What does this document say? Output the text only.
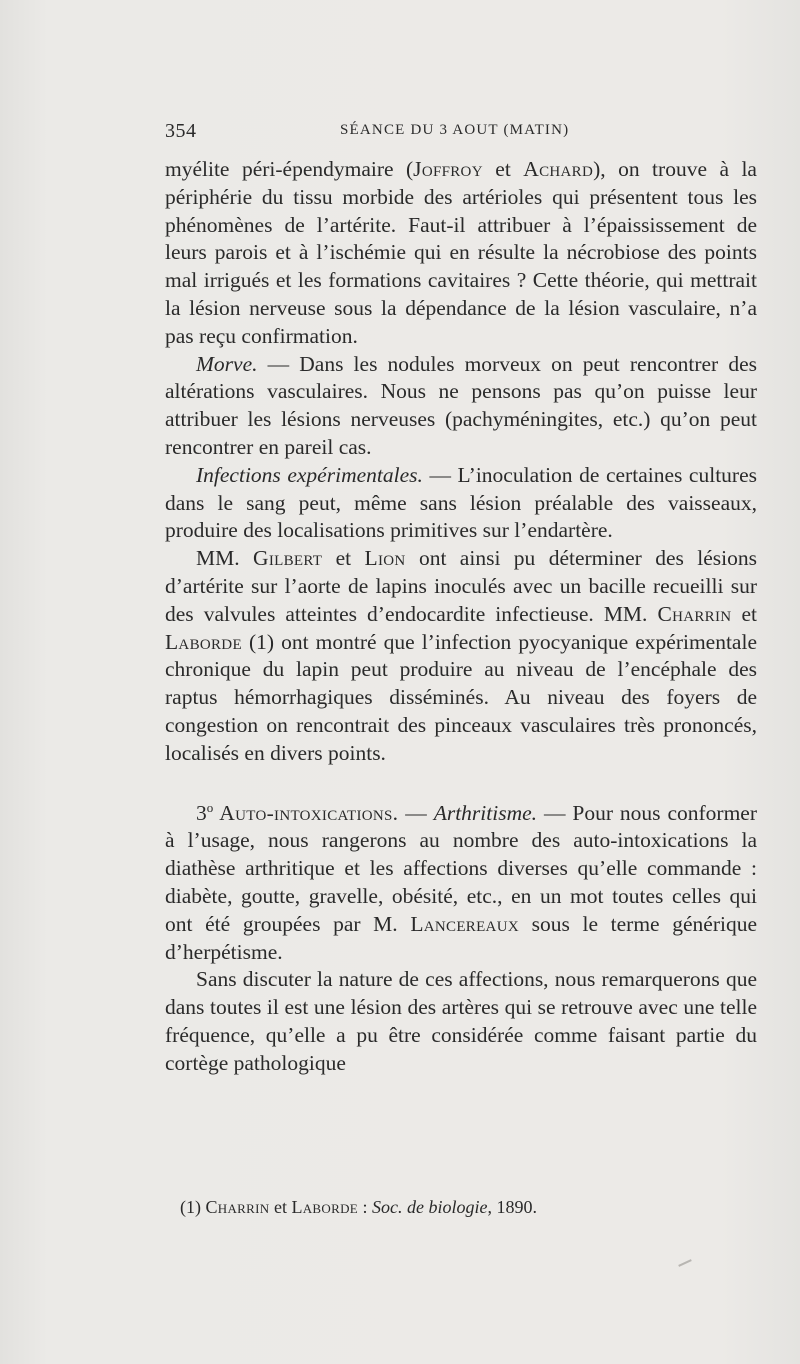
354	SÉANCE DU 3 AOUT (MATIN)

myélite péri-épendymaire (Joffroy et Achard), on trouve à la périphérie du tissu morbide des artérioles qui présentent tous les phénomènes de l’artérite. Faut-il attribuer à l’épaississement de leurs parois et à l’ischémie qui en résulte la nécrobiose des points mal irrigués et les formations cavitaires ? Cette théorie, qui mettrait la lésion nerveuse sous la dépendance de la lésion vasculaire, n’a pas reçu confirmation.

Morve. — Dans les nodules morveux on peut rencontrer des altérations vasculaires. Nous ne pensons pas qu’on puisse leur attribuer les lésions nerveuses (pachyméningites, etc.) qu’on peut rencontrer en pareil cas.

Infections expérimentales. — L’inoculation de certaines cultures dans le sang peut, même sans lésion préalable des vaisseaux, produire des localisations primitives sur l’endartère.

MM. Gilbert et Lion ont ainsi pu déterminer des lésions d’artérite sur l’aorte de lapins inoculés avec un bacille recueilli sur des valvules atteintes d’endocardite infectieuse. MM. Charrin et Laborde (1) ont montré que l’infection pyocyanique expérimentale chronique du lapin peut produire au niveau de l’encéphale des raptus hémorrhagiques disséminés. Au niveau des foyers de congestion on rencontrait des pinceaux vasculaires très prononcés, localisés en divers points.

3$^o$ Auto-intoxications. — Arthritisme. — Pour nous conformer à l’usage, nous rangerons au nombre des auto-intoxications la diathèse arthritique et les affections diverses qu’elle commande : diabète, goutte, gravelle, obésité, etc., en un mot toutes celles qui ont été groupées par M. Lancereaux sous le terme générique d’herpétisme.

Sans discuter la nature de ces affections, nous remarquerons que dans toutes il est une lésion des artères qui se retrouve avec une telle fréquence, qu’elle a pu être considérée comme faisant partie du cortège pathologique

(1) Charrin et Laborde : Soc. de biologie, 1890.
